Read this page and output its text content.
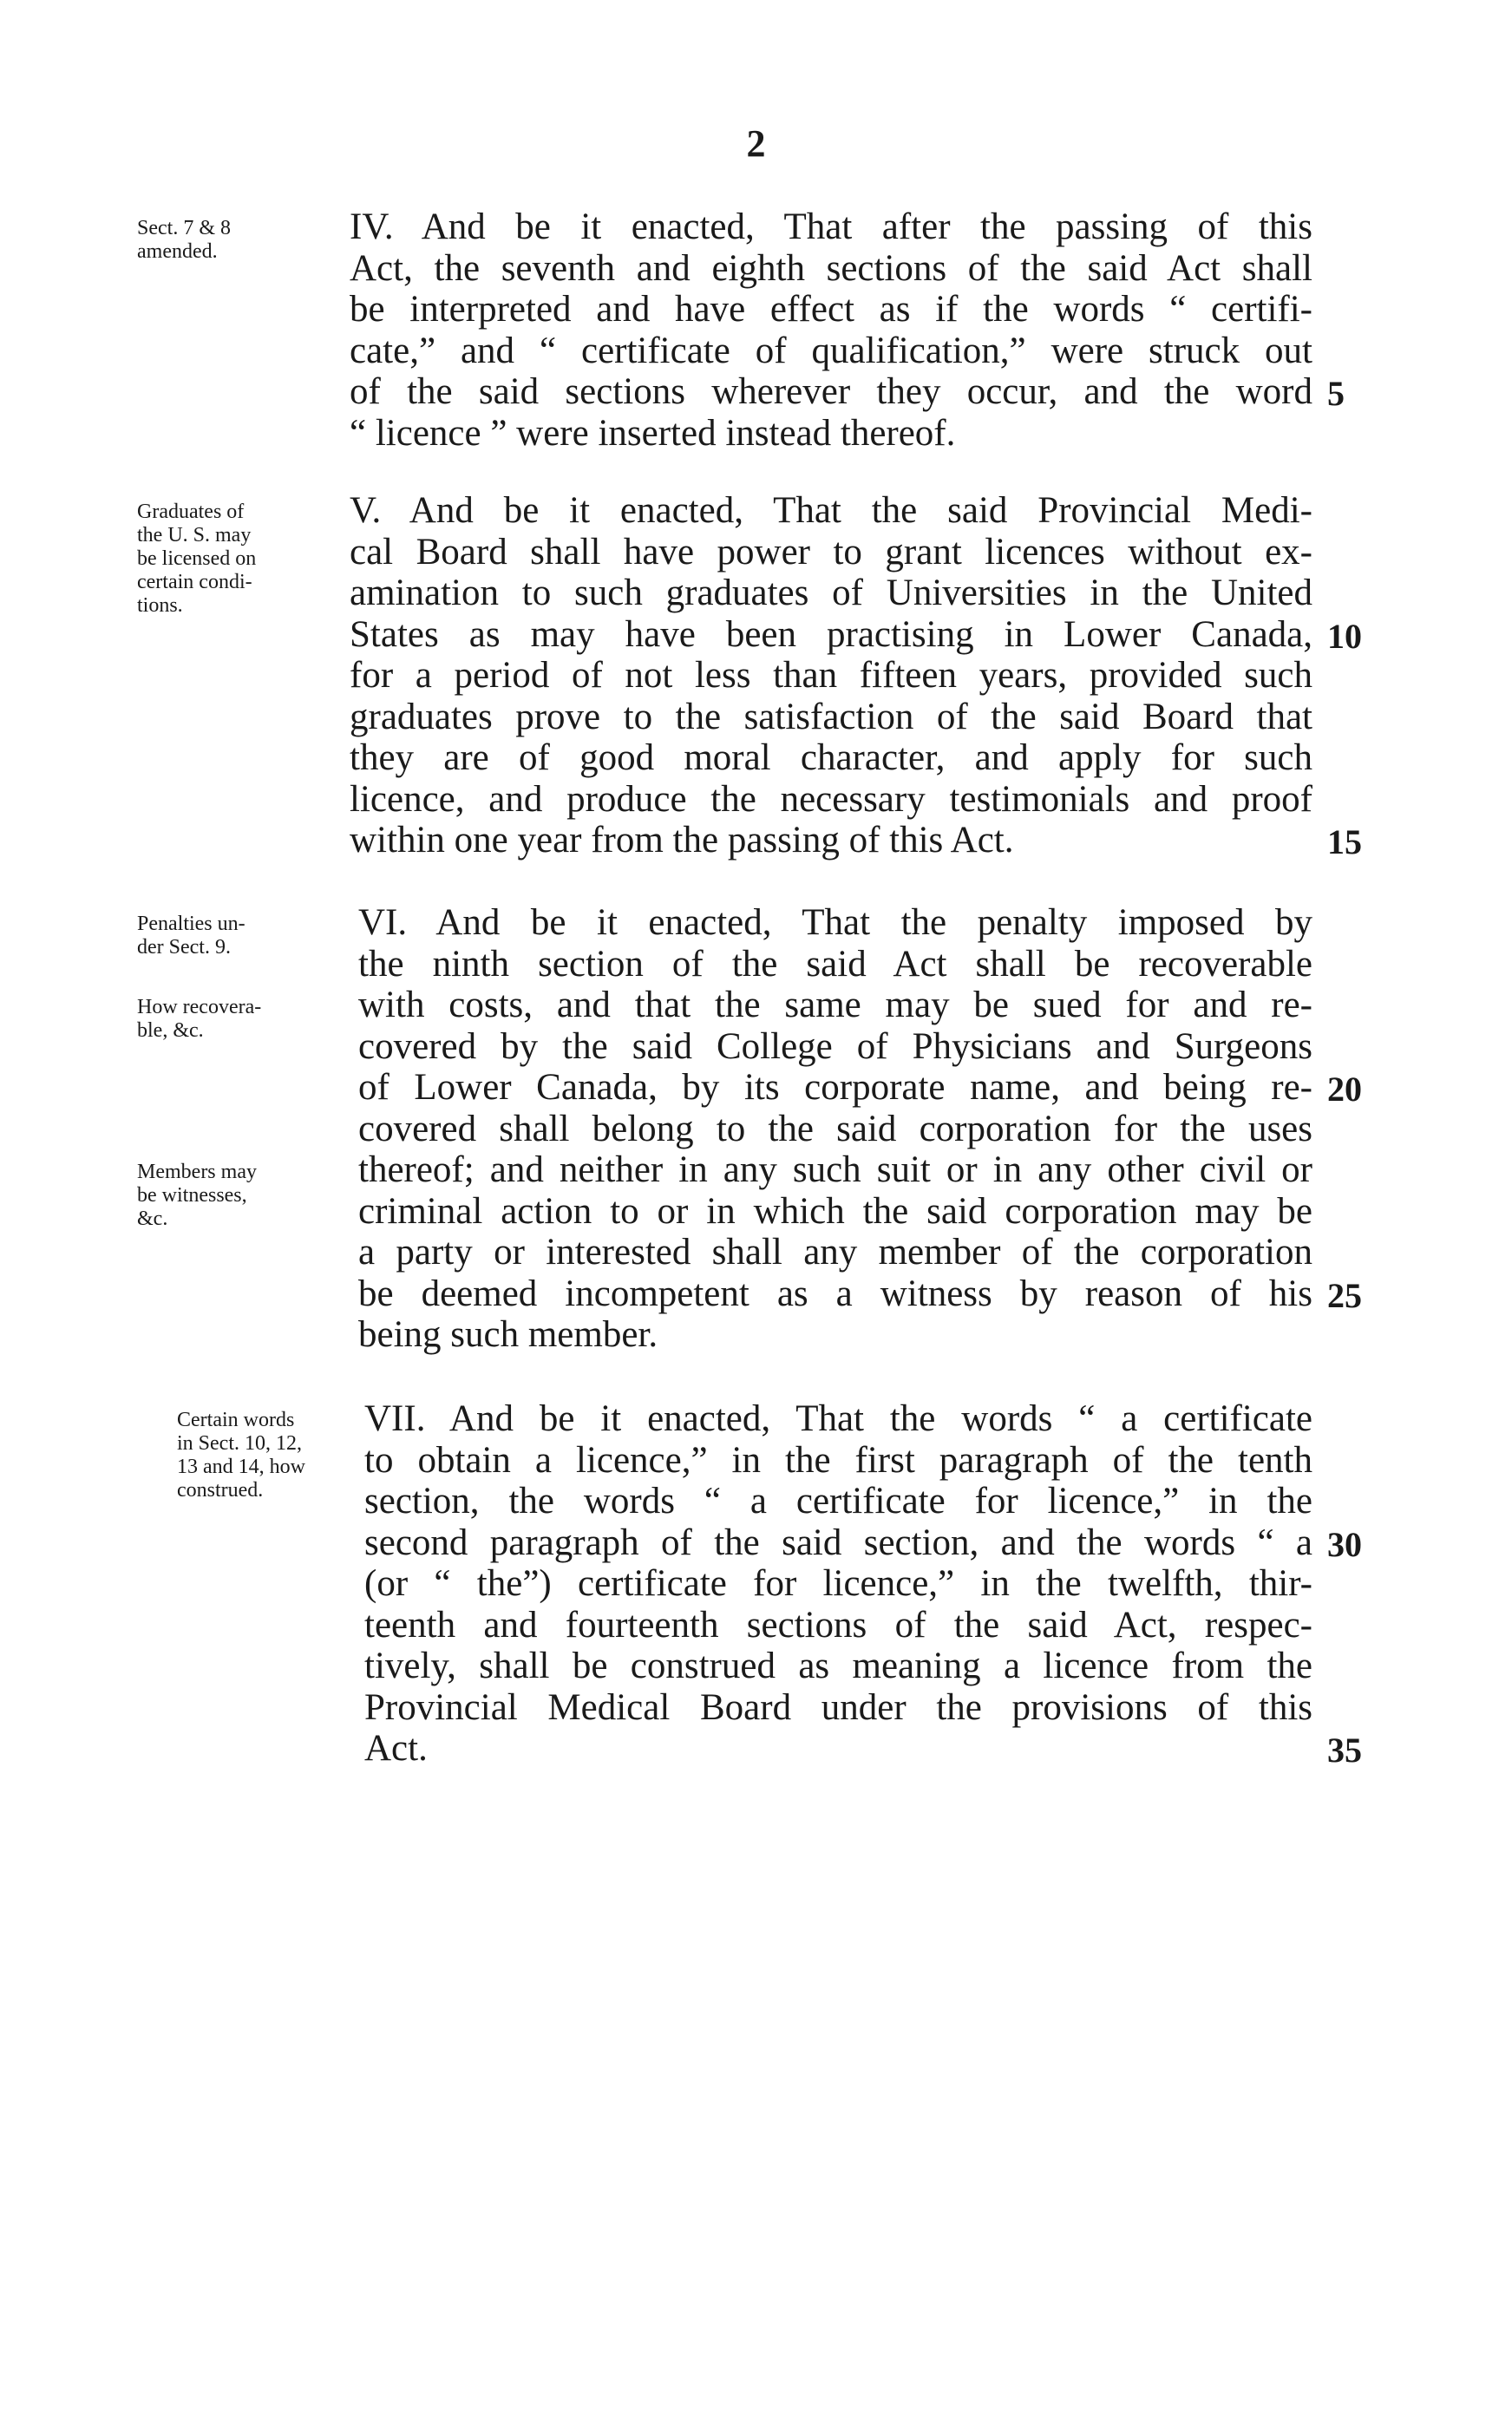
2
Sect. 7 & 8
amended.
IV. And be it enacted, That after the passing of this
Act, the seventh and eighth sections of the said Act shall
be interpreted and have effect as if the words “ certifi-
cate,” and “ certificate of qualification,” were struck out
of the said sections wherever they occur, and the word
“ licence ” were inserted instead thereof.
5
Graduates of
the U. S. may
be licensed on
certain condi-
tions.
V. And be it enacted, That the said Provincial Medi-
cal Board shall have power to grant licences without ex-
amination to such graduates of Universities in the United
States as may have been practising in Lower Canada,
for a period of not less than fifteen years, provided such
graduates prove to the satisfaction of the said Board that
they are of good moral character, and apply for such
licence, and produce the necessary testimonials and proof
within one year from the passing of this Act.
10
15
Penalties un-
der Sect. 9.
How recovera-
ble, &c.
Members may
be witnesses,
&c.
VI. And be it enacted, That the penalty imposed by
the ninth section of the said Act shall be recoverable
with costs, and that the same may be sued for and re-
covered by the said College of Physicians and Surgeons
of Lower Canada, by its corporate name, and being re-
covered shall belong to the said corporation for the uses
thereof; and neither in any such suit or in any other civil or
criminal action to or in which the said corporation may be
a party or interested shall any member of the corporation
be deemed incompetent as a witness by reason of his
being such member.
20
25
Certain words
in Sect. 10, 12,
13 and 14, how
construed.
VII. And be it enacted, That the words “ a certificate
to obtain a licence,” in the first paragraph of the tenth
section, the words “ a certificate for licence,” in the
second paragraph of the said section, and the words “ a
(or “ the”) certificate for licence,” in the twelfth, thir-
teenth and fourteenth sections of the said Act, respec-
tively, shall be construed as meaning a licence from the
Provincial Medical Board under the provisions of this
Act.
30
35
